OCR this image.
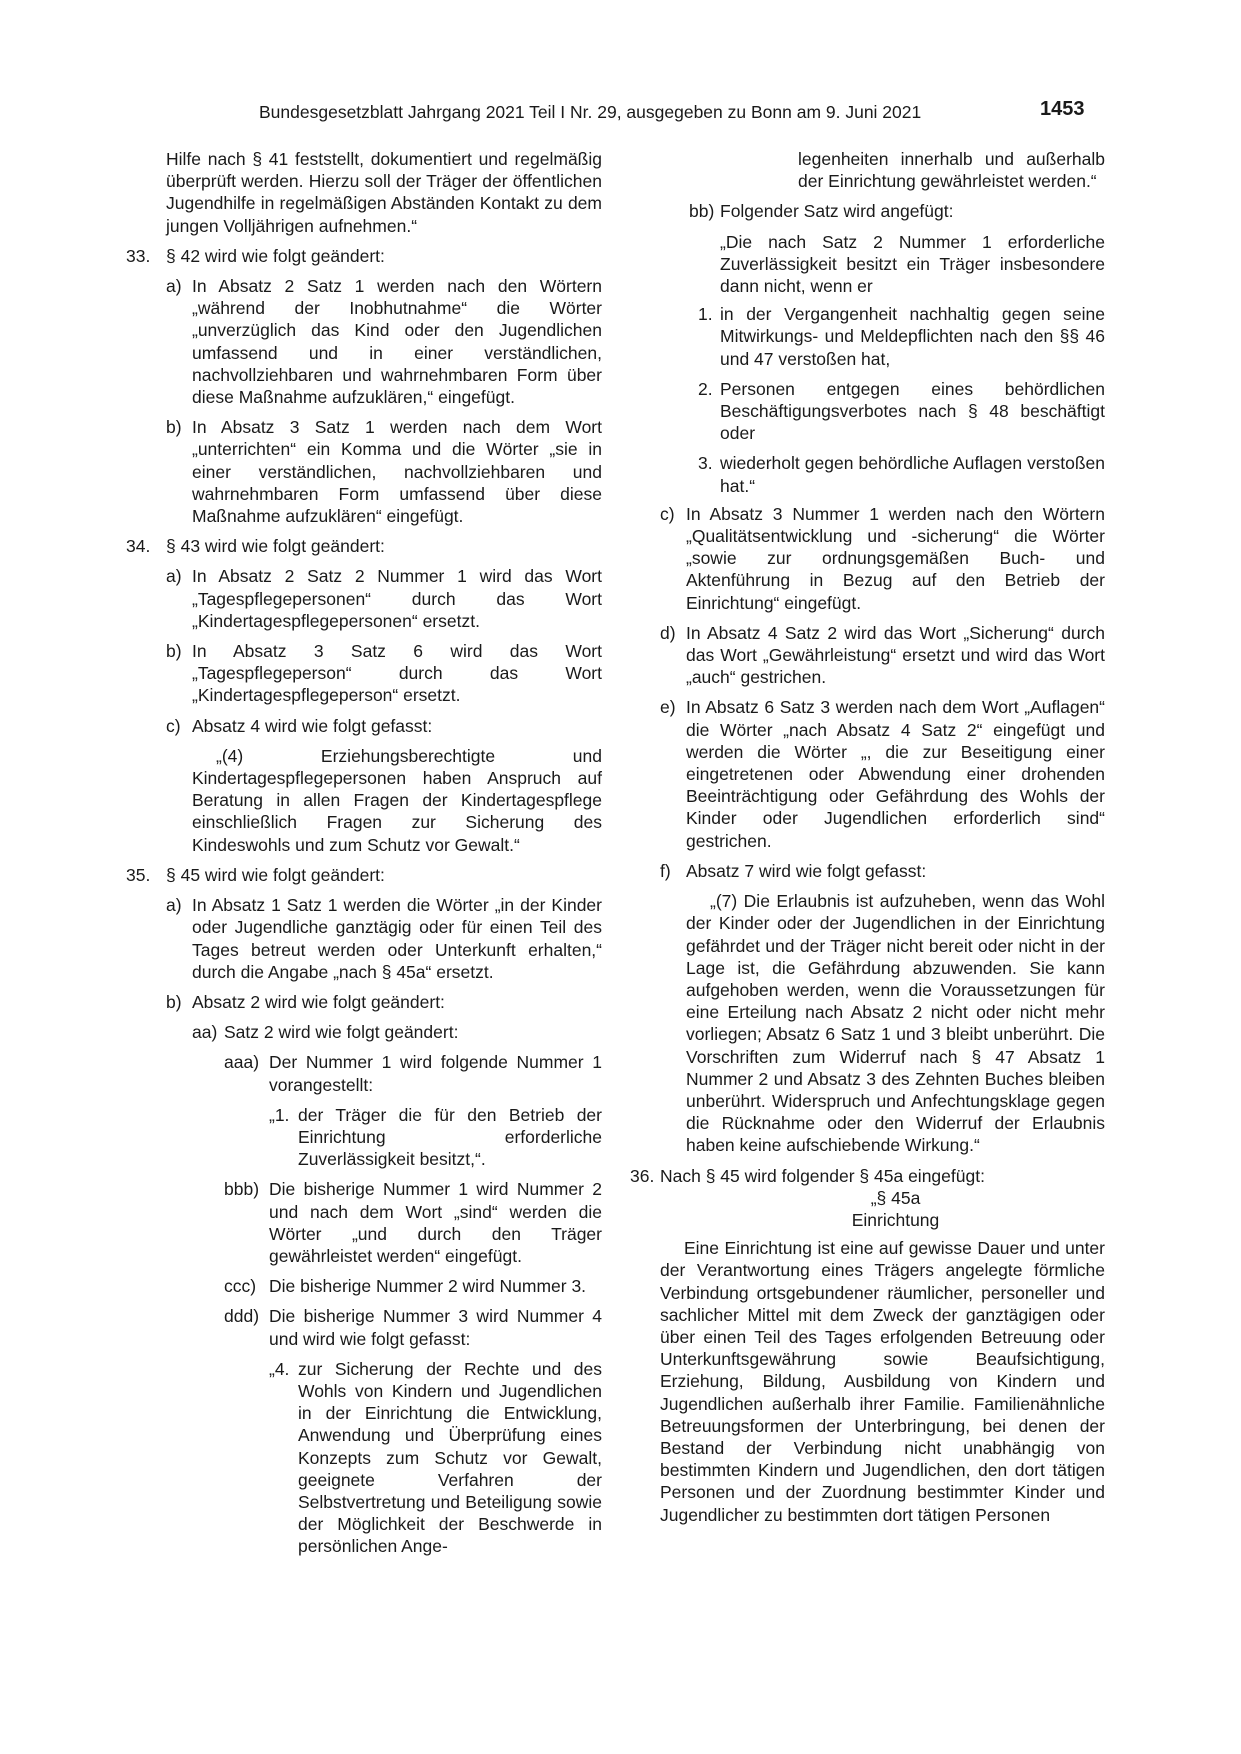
Bundesgesetzblatt Jahrgang 2021 Teil I Nr. 29, ausgegeben zu Bonn am 9. Juni 2021	1453

Hilfe nach § 41 feststellt, dokumentiert und regelmäßig überprüft werden. Hierzu soll der Träger der öffentlichen Jugendhilfe in regelmäßigen Abständen Kontakt zu dem jungen Volljährigen aufnehmen.“

33. § 42 wird wie folgt geändert:
a) In Absatz 2 Satz 1 werden nach den Wörtern „während der Inobhutnahme“ die Wörter „unverzüglich das Kind oder den Jugendlichen umfassend und in einer verständlichen, nachvollziehbaren und wahrnehmbaren Form über diese Maßnahme aufzuklären,“ eingefügt.
b) In Absatz 3 Satz 1 werden nach dem Wort „unterrichten“ ein Komma und die Wörter „sie in einer verständlichen, nachvollziehbaren und wahrnehmbaren Form umfassend über diese Maßnahme aufzuklären“ eingefügt.
34. § 43 wird wie folgt geändert:
a) In Absatz 2 Satz 2 Nummer 1 wird das Wort „Tagespflegepersonen“ durch das Wort „Kindertagespflegepersonen“ ersetzt.
b) In Absatz 3 Satz 6 wird das Wort „Tagespflegeperson“ durch das Wort „Kindertagespflegeperson“ ersetzt.
c) Absatz 4 wird wie folgt gefasst:

„(4) Erziehungsberechtigte und Kindertagespflegepersonen haben Anspruch auf Beratung in allen Fragen der Kindertagespflege einschließlich Fragen zur Sicherung des Kindeswohls und zum Schutz vor Gewalt.“

35. § 45 wird wie folgt geändert:
a) In Absatz 1 Satz 1 werden die Wörter „in der Kinder oder Jugendliche ganztägig oder für einen Teil des Tages betreut werden oder Unterkunft erhalten,“ durch die Angabe „nach § 45a“ ersetzt.
b) Absatz 2 wird wie folgt geändert:
aa) Satz 2 wird wie folgt geändert:
aaa) Der Nummer 1 wird folgende Nummer 1 vorangestellt:
„1. der Träger die für den Betrieb der Einrichtung erforderliche Zuverlässigkeit besitzt,“.
bbb) Die bisherige Nummer 1 wird Nummer 2 und nach dem Wort „sind“ werden die Wörter „und durch den Träger gewährleistet werden“ eingefügt.
ccc) Die bisherige Nummer 2 wird Nummer 3.
ddd) Die bisherige Nummer 3 wird Nummer 4 und wird wie folgt gefasst:
„4. zur Sicherung der Rechte und des Wohls von Kindern und Jugendlichen in der Einrichtung die Entwicklung, Anwendung und Überprüfung eines Konzepts zum Schutz vor Gewalt, geeignete Verfahren der Selbstvertretung und Beteiligung sowie der Möglichkeit der Beschwerde in persönlichen Ange-

legenheiten innerhalb und außerhalb der Einrichtung gewährleistet werden.“

bb) Folgender Satz wird angefügt:

„Die nach Satz 2 Nummer 1 erforderliche Zuverlässigkeit besitzt ein Träger insbesondere dann nicht, wenn er

1. in der Vergangenheit nachhaltig gegen seine Mitwirkungs- und Meldepflichten nach den §§ 46 und 47 verstoßen hat,
2. Personen entgegen eines behördlichen Beschäftigungsverbotes nach § 48 beschäftigt oder
3. wiederholt gegen behördliche Auflagen verstoßen hat.“
c) In Absatz 3 Nummer 1 werden nach den Wörtern „Qualitätsentwicklung und -sicherung“ die Wörter „sowie zur ordnungsgemäßen Buch- und Aktenführung in Bezug auf den Betrieb der Einrichtung“ eingefügt.
d) In Absatz 4 Satz 2 wird das Wort „Sicherung“ durch das Wort „Gewährleistung“ ersetzt und wird das Wort „auch“ gestrichen.
e) In Absatz 6 Satz 3 werden nach dem Wort „Auflagen“ die Wörter „nach Absatz 4 Satz 2“ eingefügt und werden die Wörter „, die zur Beseitigung einer eingetretenen oder Abwendung einer drohenden Beeinträchtigung oder Gefährdung des Wohls der Kinder oder Jugendlichen erforderlich sind“ gestrichen.
f) Absatz 7 wird wie folgt gefasst:

„(7) Die Erlaubnis ist aufzuheben, wenn das Wohl der Kinder oder der Jugendlichen in der Einrichtung gefährdet und der Träger nicht bereit oder nicht in der Lage ist, die Gefährdung abzuwenden. Sie kann aufgehoben werden, wenn die Voraussetzungen für eine Erteilung nach Absatz 2 nicht oder nicht mehr vorliegen; Absatz 6 Satz 1 und 3 bleibt unberührt. Die Vorschriften zum Widerruf nach § 47 Absatz 1 Nummer 2 und Absatz 3 des Zehnten Buches bleiben unberührt. Widerspruch und Anfechtungsklage gegen die Rücknahme oder den Widerruf der Erlaubnis haben keine aufschiebende Wirkung.“

36. Nach § 45 wird folgender § 45a eingefügt:

„§ 45a

Einrichtung

Eine Einrichtung ist eine auf gewisse Dauer und unter der Verantwortung eines Trägers angelegte förmliche Verbindung ortsgebundener räumlicher, personeller und sachlicher Mittel mit dem Zweck der ganztägigen oder über einen Teil des Tages erfolgenden Betreuung oder Unterkunftsgewährung sowie Beaufsichtigung, Erziehung, Bildung, Ausbildung von Kindern und Jugendlichen außerhalb ihrer Familie. Familienähnliche Betreuungsformen der Unterbringung, bei denen der Bestand der Verbindung nicht unabhängig von bestimmten Kindern und Jugendlichen, den dort tätigen Personen und der Zuordnung bestimmter Kinder und Jugendlicher zu bestimmten dort tätigen Personen
